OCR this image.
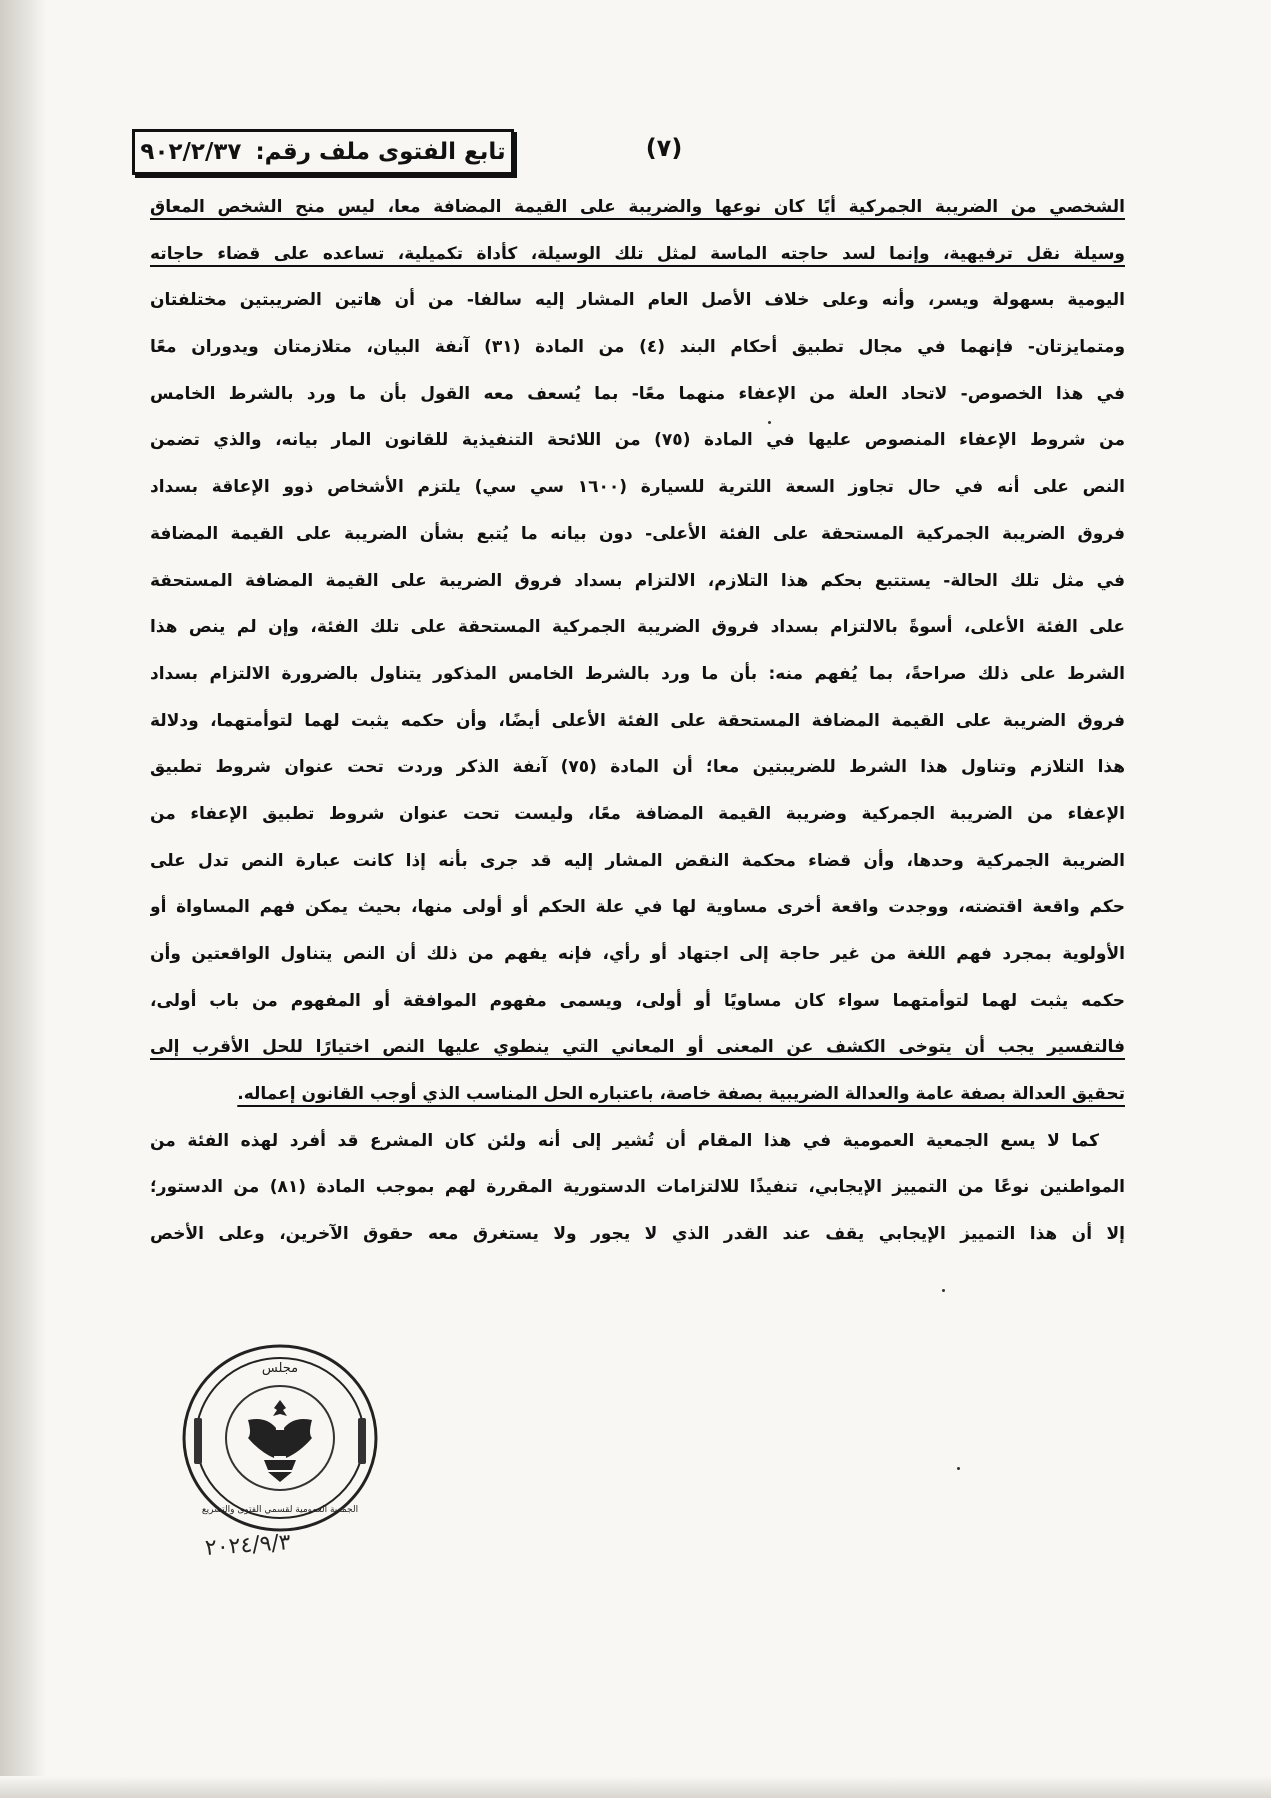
تابع الفتوى ملف رقم:
٩٠٢/٢/٣٧	(٧)
الشخصي من الضريبة الجمركية أيًا كان نوعها والضريبة على القيمة المضافة معا، ليس منح الشخص المعاق
وسيلة نقل ترفيهية، وإنما لسد حاجته الماسة لمثل تلك الوسيلة، كأداة تكميلية، تساعده على قضاء حاجاته
اليومية بسهولة ويسر، وأنه وعلى خلاف الأصل العام المشار إليه سالفا- من أن هاتين الضريبتين مختلفتان
ومتمايزتان- فإنهما في مجال تطبيق أحكام البند (٤) من المادة (٣١) آنفة البيان، متلازمتان ويدوران معًا
في هذا الخصوص- لاتحاد العلة من الإعفاء منهما معًا- بما يُسعف معه القول بأن ما ورد بالشرط الخامس
من شروط الإعفاء المنصوص عليها في المادة (٧٥) من اللائحة التنفيذية للقانون المار بيانه، والذي تضمن
النص على أنه في حال تجاوز السعة اللترية للسيارة (١٦٠٠ سي سي) يلتزم الأشخاص ذوو الإعاقة بسداد
فروق الضريبة الجمركية المستحقة على الفئة الأعلى- دون بيانه ما يُتبع بشأن الضريبة على القيمة المضافة
في مثل تلك الحالة- يستتبع بحكم هذا التلازم، الالتزام بسداد فروق الضريبة على القيمة المضافة المستحقة
على الفئة الأعلى، أسوةً بالالتزام بسداد فروق الضريبة الجمركية المستحقة على تلك الفئة، وإن لم ينص هذا
الشرط على ذلك صراحةً، بما يُفهم منه: بأن ما ورد بالشرط الخامس المذكور يتناول بالضرورة الالتزام بسداد
فروق الضريبة على القيمة المضافة المستحقة على الفئة الأعلى أيضًا، وأن حكمه يثبت لهما لتوأمتهما، ودلالة
هذا التلازم وتناول هذا الشرط للضريبتين معا؛ أن المادة (٧٥) آنفة الذكر وردت تحت عنوان شروط تطبيق
الإعفاء من الضريبة الجمركية وضريبة القيمة المضافة معًا، وليست تحت عنوان شروط تطبيق الإعفاء من
الضريبة الجمركية وحدها، وأن قضاء محكمة النقض المشار إليه قد جرى بأنه إذا كانت عبارة النص تدل على
حكم واقعة اقتضته، ووجدت واقعة أخرى مساوية لها في علة الحكم أو أولى منها، بحيث يمكن فهم المساواة أو
الأولوية بمجرد فهم اللغة من غير حاجة إلى اجتهاد أو رأي، فإنه يفهم من ذلك أن النص يتناول الواقعتين وأن
حكمه يثبت لهما لتوأمتهما سواء كان مساويًا أو أولى، ويسمى مفهوم الموافقة أو المفهوم من باب أولى،
فالتفسير يجب أن يتوخى الكشف عن المعنى أو المعاني التي ينطوي عليها النص اختيارًا للحل الأقرب إلى
تحقيق العدالة بصفة عامة والعدالة الضريبية بصفة خاصة، باعتباره الحل المناسب الذي أوجب القانون إعماله.
كما لا يسع الجمعية العمومية في هذا المقام أن تُشير إلى أنه ولئن كان المشرع قد أفرد لهذه الفئة من
المواطنين نوعًا من التمييز الإيجابي، تنفيذًا للالتزامات الدستورية المقررة لهم بموجب المادة (٨١) من الدستور؛
إلا أن هذا التمييز الإيجابي يقف عند القدر الذي لا يجور ولا يستغرق معه حقوق الآخرين، وعلى الأخص
مجلس
الجمعية العمومية لقسمي الفتوى والتشريع
٢٠٢٤/٩/٣
